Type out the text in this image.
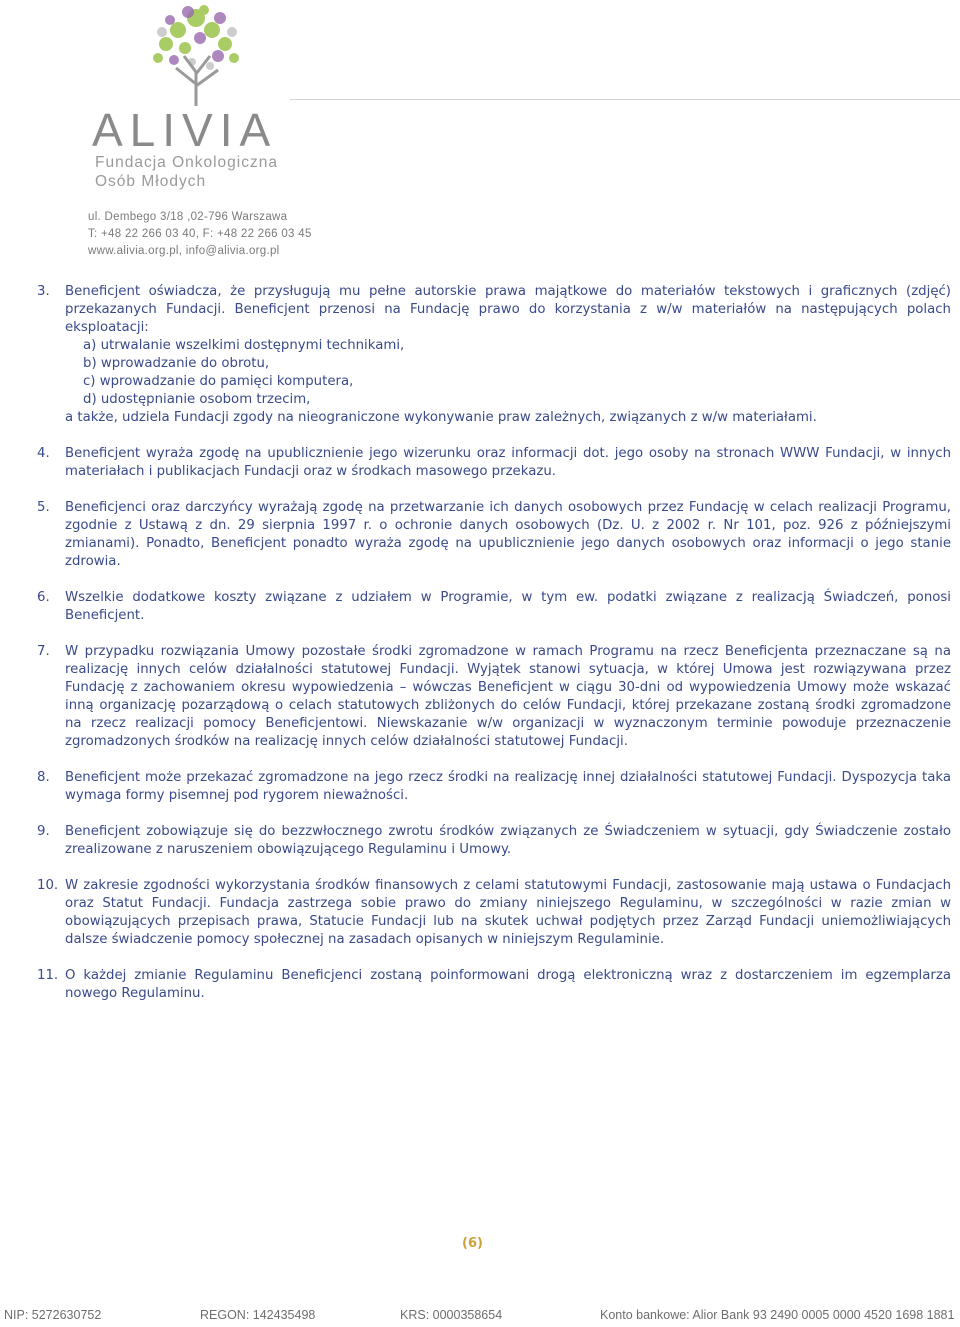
ALIVIA
Fundacja Onkologiczna
Osób Młodych
ul. Dembego 3/18 ,02-796 Warszawa
T: +48 22 266 03 40, F: +48 22 266 03 45
www.alivia.org.pl, info@alivia.org.pl
3.	Beneficjent oświadcza, że przysługują mu pełne autorskie prawa majątkowe do materiałów tekstowych i graficznych (zdjęć) przekazanych Fundacji. Beneficjent przenosi na Fundację prawo do korzystania z w/w materiałów na następujących polach eksploatacji:
a) utrwalanie wszelkimi dostępnymi technikami,
b) wprowadzanie do obrotu,
c) wprowadzanie do pamięci komputera,
d) udostępnianie osobom trzecim,
a także, udziela Fundacji zgody na nieograniczone wykonywanie praw zależnych, związanych z w/w materiałami.
4.	Beneficjent wyraża zgodę na upublicznienie jego wizerunku oraz informacji dot. jego osoby na stronach WWW Fundacji, w innych materiałach i publikacjach Fundacji oraz w środkach masowego przekazu.
5.	Beneficjenci oraz darczyńcy wyrażają zgodę na przetwarzanie ich danych osobowych przez Fundację w celach realizacji Programu, zgodnie z Ustawą z dn. 29 sierpnia 1997 r. o ochronie danych osobowych (Dz. U. z 2002 r. Nr 101, poz. 926 z późniejszymi zmianami). Ponadto, Beneficjent ponadto wyraża zgodę na upublicznienie jego danych osobowych oraz informacji o jego stanie zdrowia.
6.	Wszelkie dodatkowe koszty związane z udziałem w Programie, w tym ew. podatki związane z realizacją Świadczeń, ponosi Beneficjent.
7.	W przypadku rozwiązania Umowy pozostałe środki zgromadzone w ramach Programu na rzecz Beneficjenta przeznaczane są na realizację innych celów działalności statutowej Fundacji. Wyjątek stanowi sytuacja, w której Umowa jest rozwiązywana przez Fundację z zachowaniem okresu wypowiedzenia – wówczas Beneficjent w ciągu 30-dni od wypowiedzenia Umowy może wskazać inną organizację pozarządową o celach statutowych zbliżonych do celów Fundacji, której przekazane zostaną środki zgromadzone na rzecz realizacji pomocy Beneficjentowi. Niewskazanie w/w organizacji w wyznaczonym terminie powoduje przeznaczenie zgromadzonych środków na realizację innych celów działalności statutowej Fundacji.
8.	Beneficjent może przekazać zgromadzone na jego rzecz środki na realizację innej działalności statutowej Fundacji. Dyspozycja taka wymaga formy pisemnej pod rygorem nieważności.
9.	Beneficjent zobowiązuje się do bezzwłocznego zwrotu środków związanych ze Świadczeniem w sytuacji, gdy Świadczenie zostało zrealizowane z naruszeniem obowiązującego Regulaminu i Umowy.
10. W zakresie zgodności wykorzystania środków finansowych z celami statutowymi Fundacji, zastosowanie mają ustawa o Fundacjach oraz Statut Fundacji. Fundacja zastrzega sobie prawo do zmiany niniejszego Regulaminu, w szczególności w razie zmian w obowiązujących przepisach prawa, Statucie Fundacji lub na skutek uchwał podjętych przez Zarząd Fundacji uniemożliwiających dalsze świadczenie pomocy społecznej na zasadach opisanych w niniejszym Regulaminie.
11. O każdej zmianie Regulaminu Beneficjenci zostaną poinformowani drogą elektroniczną wraz z dostarczeniem im egzemplarza nowego Regulaminu.
(6)
NIP: 5272630752	REGON: 142435498	KRS: 0000358654	Konto bankowe: Alior Bank 93 2490 0005 0000 4520 1698 1881
